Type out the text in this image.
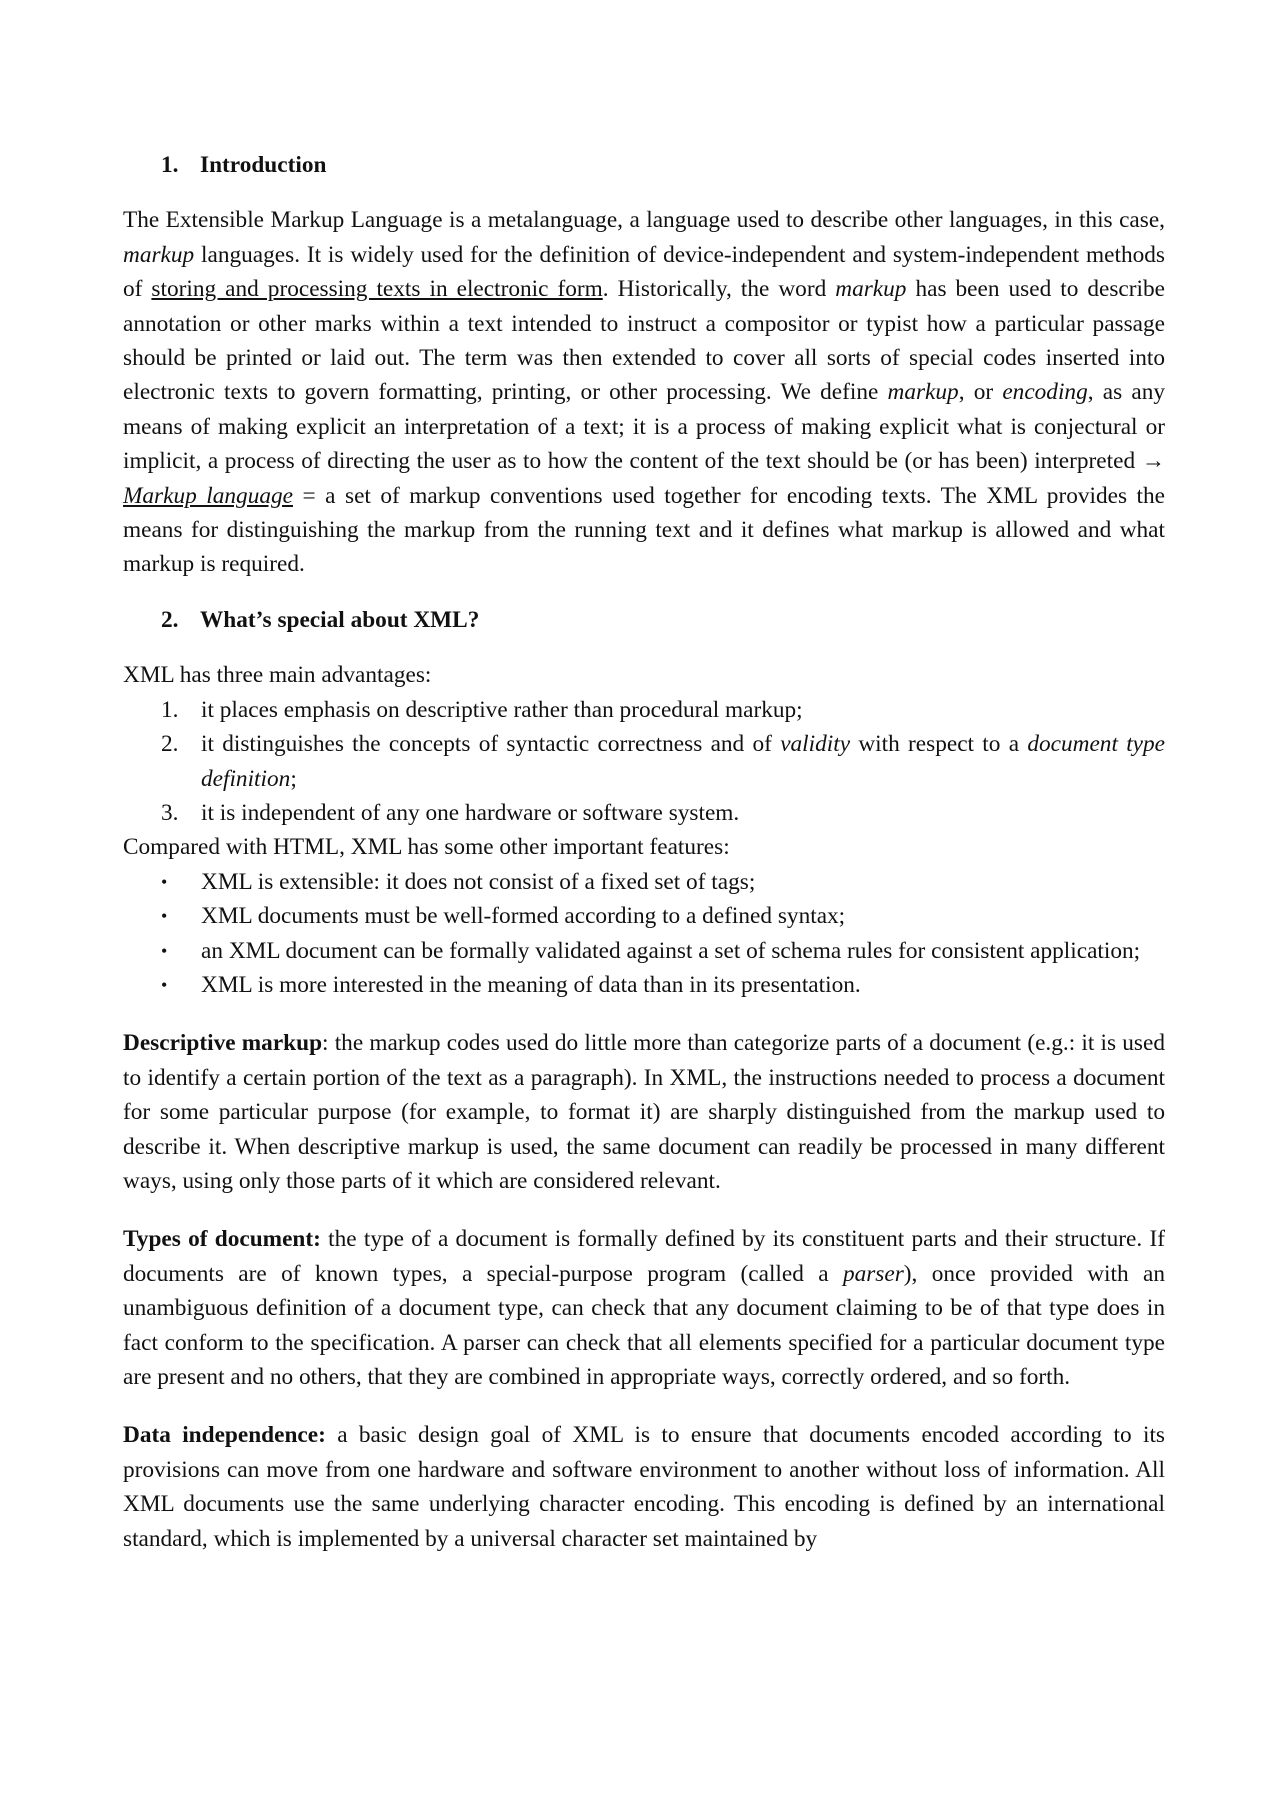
1. Introduction

The Extensible Markup Language is a metalanguage, a language used to describe other languages, in this case, markup languages. It is widely used for the definition of device-independent and system-independent methods of storing and processing texts in electronic form. Historically, the word markup has been used to describe annotation or other marks within a text intended to instruct a compositor or typist how a particular passage should be printed or laid out. The term was then extended to cover all sorts of special codes inserted into electronic texts to govern formatting, printing, or other processing. We define markup, or encoding, as any means of making explicit an interpretation of a text; it is a process of making explicit what is conjectural or implicit, a process of directing the user as to how the content of the text should be (or has been) interpreted → Markup language = a set of markup conventions used together for encoding texts. The XML provides the means for distinguishing the markup from the running text and it defines what markup is allowed and what markup is required.

2. What’s special about XML?

XML has three main advantages:

1. it places emphasis on descriptive rather than procedural markup;
2. it distinguishes the concepts of syntactic correctness and of validity with respect to a document type definition;
3. it is independent of any one hardware or software system.

Compared with HTML, XML has some other important features:

• XML is extensible: it does not consist of a fixed set of tags;
• XML documents must be well-formed according to a defined syntax;
• an XML document can be formally validated against a set of schema rules for consistent application;
• XML is more interested in the meaning of data than in its presentation.

Descriptive markup: the markup codes used do little more than categorize parts of a document (e.g.: it is used to identify a certain portion of the text as a paragraph). In XML, the instructions needed to process a document for some particular purpose (for example, to format it) are sharply distinguished from the markup used to describe it. When descriptive markup is used, the same document can readily be processed in many different ways, using only those parts of it which are considered relevant.

Types of document: the type of a document is formally defined by its constituent parts and their structure. If documents are of known types, a special-purpose program (called a parser), once provided with an unambiguous definition of a document type, can check that any document claiming to be of that type does in fact conform to the specification. A parser can check that all elements specified for a particular document type are present and no others, that they are combined in appropriate ways, correctly ordered, and so forth.

Data independence: a basic design goal of XML is to ensure that documents encoded according to its provisions can move from one hardware and software environment to another without loss of information. All XML documents use the same underlying character encoding. This encoding is defined by an international standard, which is implemented by a universal character set maintained by
